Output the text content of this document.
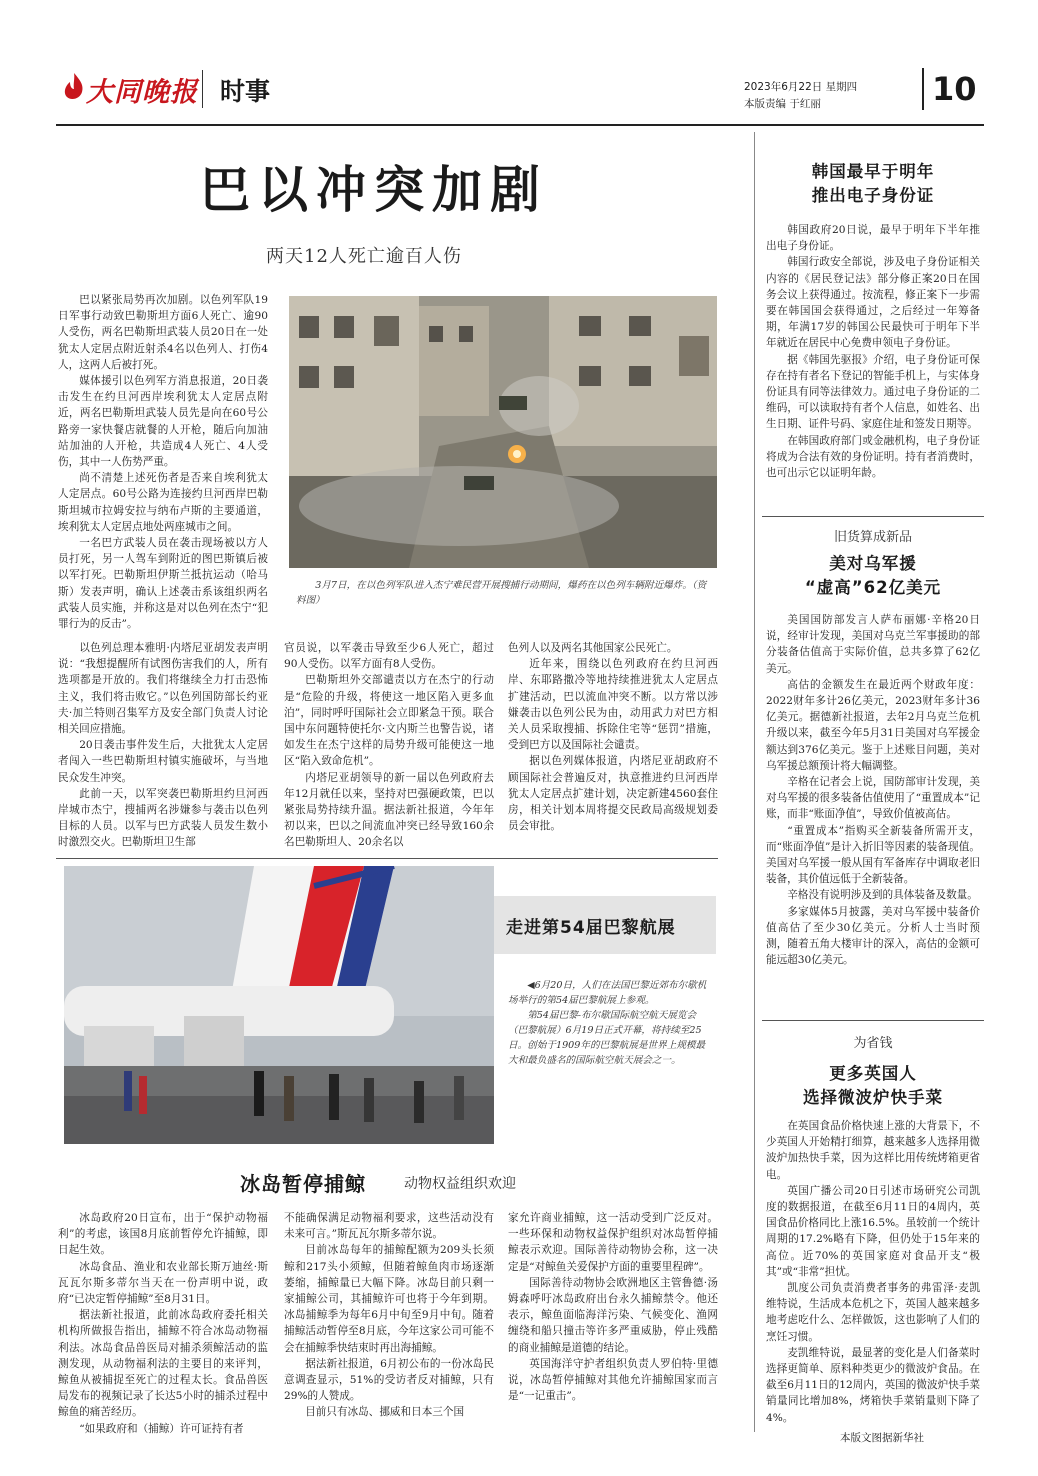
大同晚报 时事	2023年6月22日 星期四
本版责编 于红丽	10
巴以冲突加剧
两天12人死亡逾百人伤

巴以紧张局势再次加剧。以色列军队19日军事行动致巴勒斯坦方面6人死亡、逾90人受伤，两名巴勒斯坦武装人员20日在一处犹太人定居点附近射杀4名以色列人、打伤4人，这两人后被打死。

媒体援引以色列军方消息报道，20日袭击发生在约旦河西岸埃利犹太人定居点附近，两名巴勒斯坦武装人员先是向在60号公路旁一家快餐店就餐的人开枪，随后向加油站加油的人开枪，共造成4人死亡、4人受伤，其中一人伤势严重。

尚不清楚上述死伤者是否来自埃利犹太人定居点。60号公路为连接约旦河西岸巴勒斯坦城市拉姆安拉与纳布卢斯的主要通道，埃利犹太人定居点地处两座城市之间。

一名巴方武装人员在袭击现场被以方人员打死，另一人驾车到附近的图巴斯镇后被以军打死。巴勒斯坦伊斯兰抵抗运动（哈马斯）发表声明，确认上述袭击系该组织两名武装人员实施，并称这是对以色列在杰宁“犯罪行为的反击”。

3月7日，在以色列军队进入杰宁难民营开展搜捕行动期间，爆药在以色列车辆附近爆炸。（资料图）

以色列总理本雅明·内塔尼亚胡发表声明说：“我想提醒所有试图伤害我们的人，所有选项都是开放的。我们将继续全力打击恐怖主义，我们将击败它。”以色列国防部长约亚夫·加兰特则召集军方及安全部门负责人讨论相关回应措施。

20日袭击事件发生后，大批犹太人定居者闯入一些巴勒斯坦村镇实施破坏，与当地民众发生冲突。

此前一天，以军突袭巴勒斯坦约旦河西岸城市杰宁，搜捕两名涉嫌参与袭击以色列目标的人员。以军与巴方武装人员发生数小时激烈交火。巴勒斯坦卫生部

官员说，以军袭击导致至少6人死亡，超过90人受伤。以军方面有8人受伤。

巴勒斯坦外交部谴责以方在杰宁的行动是“危险的升级，将使这一地区陷入更多血泊”，同时呼吁国际社会立即紧急干预。联合国中东问题特使托尔·文内斯兰也警告说，诸如发生在杰宁这样的局势升级可能使这一地区“陷入致命危机”。

内塔尼亚胡领导的新一届以色列政府去年12月就任以来，坚持对巴强硬政策，巴以紧张局势持续升温。据法新社报道，今年年初以来，巴以之间流血冲突已经导致160余名巴勒斯坦人、20余名以

色列人以及两名其他国家公民死亡。

近年来，围绕以色列政府在约旦河西岸、东耶路撒冷等地持续推进犹太人定居点扩建活动，巴以流血冲突不断。以方常以涉嫌袭击以色列公民为由，动用武力对巴方相关人员采取搜捕、拆除住宅等“惩罚”措施，受到巴方以及国际社会谴责。

据以色列媒体报道，内塔尼亚胡政府不顾国际社会普遍反对，执意推进约旦河西岸犹太人定居点扩建计划，决定新建4560套住房，相关计划本周将提交民政局高级规划委员会审批。

走进第54届巴黎航展

◀6月20日，人们在法国巴黎近郊布尔歇机场举行的第54届巴黎航展上参观。

第54届巴黎-布尔歇国际航空航天展览会（巴黎航展）6月19日正式开幕，将持续至25日。创始于1909年的巴黎航展是世界上规模最大和最负盛名的国际航空航天展会之一。

冰岛暂停捕鲸	动物权益组织欢迎

冰岛政府20日宣布，出于“保护动物福利”的考虑，该国8月底前暂停允许捕鲸，即日起生效。

冰岛食品、渔业和农业部长斯万迪丝·斯瓦瓦尔斯多蒂尔当天在一份声明中说，政府“已决定暂停捕鲸”至8月31日。

据法新社报道，此前冰岛政府委托相关机构所做报告指出，捕鲸不符合冰岛动物福利法。冰岛食品兽医局对捕杀须鲸活动的监测发现，从动物福利法的主要目的来评判，鲸鱼从被捕捉至死亡的过程太长。食品兽医局发布的视频记录了长达5小时的捕杀过程中鲸鱼的痛苦经历。

“如果政府和（捕鲸）许可证持有者

不能确保满足动物福利要求，这些活动没有未来可言。”斯瓦瓦尔斯多蒂尔说。

目前冰岛每年的捕鲸配额为209头长须鲸和217头小须鲸，但随着鲸鱼肉市场逐渐萎缩，捕鲸量已大幅下降。冰岛目前只剩一家捕鲸公司，其捕鲸许可也将于今年到期。冰岛捕鲸季为每年6月中旬至9月中旬。随着捕鲸活动暂停至8月底，今年这家公司可能不会在捕鲸季快结束时再出海捕鲸。

据法新社报道，6月初公布的一份冰岛民意调查显示，51%的受访者反对捕鲸，只有29%的人赞成。

目前只有冰岛、挪威和日本三个国

家允许商业捕鲸，这一活动受到广泛反对。一些环保和动物权益保护组织对冰岛暂停捕鲸表示欢迎。国际善待动物协会称，这一决定是“对鲸鱼关爱保护方面的重要里程碑”。

国际善待动物协会欧洲地区主管鲁德·汤姆森呼吁冰岛政府出台永久捕鲸禁令。他还表示，鲸鱼面临海洋污染、气候变化、渔网缠绕和船只撞击等许多严重威胁，停止残酷的商业捕鲸是道德的结论。

英国海洋守护者组织负责人罗伯特·里德说，冰岛暂停捕鲸对其他允许捕鲸国家而言是“一记重击”。

韩国最早于明年
推出电子身份证

韩国政府20日说，最早于明年下半年推出电子身份证。

韩国行政安全部说，涉及电子身份证相关内容的《居民登记法》部分修正案20日在国务会议上获得通过。按流程，修正案下一步需要在韩国国会获得通过，之后经过一年筹备期，年满17岁的韩国公民最快可于明年下半年就近在居民中心免费申领电子身份证。

据《韩国先驱报》介绍，电子身份证可保存在持有者名下登记的智能手机上，与实体身份证具有同等法律效力。通过电子身份证的二维码，可以读取持有者个人信息，如姓名、出生日期、证件号码、家庭住址和签发日期等。

在韩国政府部门或金融机构，电子身份证将成为合法有效的身份证明。持有者消费时，也可出示它以证明年龄。

旧货算成新品
美对乌军援
“虚高”62亿美元

美国国防部发言人萨布丽娜·辛格20日说，经审计发现，美国对乌克兰军事援助的部分装备估值高于实际价值，总共多算了62亿美元。

高估的金额发生在最近两个财政年度：2022财年多计26亿美元，2023财年多计36亿美元。据德新社报道，去年2月乌克兰危机升级以来，截至今年5月31日美国对乌军援金额达到376亿美元。鉴于上述账目问题，美对乌军援总额预计将大幅调整。

辛格在记者会上说，国防部审计发现，美对乌军援的很多装备估值使用了“重置成本”记账，而非“账面净值”，导致价值被高估。

“重置成本”指购买全新装备所需开支，而“账面净值”是计入折旧等因素的装备现值。美国对乌军援一般从国有军备库存中调取老旧装备，其价值远低于全新装备。

辛格没有说明涉及到的具体装备及数量。

多家媒体5月披露，美对乌军援中装备价值高估了至少30亿美元。分析人士当时预测，随着五角大楼审计的深入，高估的金额可能远超30亿美元。

为省钱
更多英国人
选择微波炉快手菜

在英国食品价格快速上涨的大背景下，不少英国人开始精打细算，越来越多人选择用微波炉加热快手菜，因为这样比用传统烤箱更省电。

英国广播公司20日引述市场研究公司凯度的数据报道，在截至6月11日的4周内，英国食品价格同比上涨16.5%。虽较前一个统计周期的17.2%略有下降，但仍处于15年来的高位。近70%的英国家庭对食品开支“极其”或“非常”担忧。

凯度公司负责消费者事务的弗雷泽·麦凯维特说，生活成本危机之下，英国人越来越多地考虑吃什么、怎样做饭，这也影响了人们的烹饪习惯。

麦凯维特说，最显著的变化是人们备菜时选择更简单、原料种类更少的微波炉食品。在截至6月11日的12周内，英国的微波炉快手菜销量同比增加8%，烤箱快手菜销量则下降了4%。

本版文图据新华社
